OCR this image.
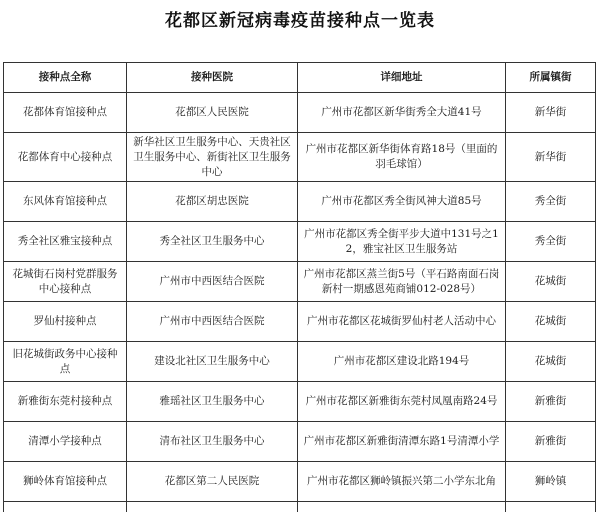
花都区新冠病毒疫苗接种点一览表
接种点全称	接种医院	详细地址	所属镇街
花都体育馆接种点	花都区人民医院	广州市花都区新华街秀全大道41号	新华街
花都体育中心接种点	新华社区卫生服务中心、天贵社区卫生服务中心、新街社区卫生服务中心	广州市花都区新华街体育路18号（里面的羽毛球馆）	新华街
东风体育馆接种点	花都区胡忠医院	广州市花都区秀全街风神大道85号	秀全街
秀全社区雅宝接种点	秀全社区卫生服务中心	广州市花都区秀全街平步大道中131号之12，雅宝社区卫生服务站	秀全街
花城街石岗村党群服务中心接种点	广州市中西医结合医院	广州市花都区蒸兰街5号（平石路南面石岗新村一期感恩苑商铺012-028号）	花城街
罗仙村接种点	广州市中西医结合医院	广州市花都区花城街罗仙村老人活动中心	花城街
旧花城街政务中心接种点	建设北社区卫生服务中心	广州市花都区建设北路194号	花城街
新雅街东莞村接种点	雅瑶社区卫生服务中心	广州市花都区新雅街东莞村凤凰南路24号	新雅街
清潭小学接种点	清布社区卫生服务中心	广州市花都区新雅街清潭东路1号清潭小学	新雅街
狮岭体育馆接种点	花都区第二人民医院	广州市花都区狮岭镇振兴第二小学东北角	狮岭镇
